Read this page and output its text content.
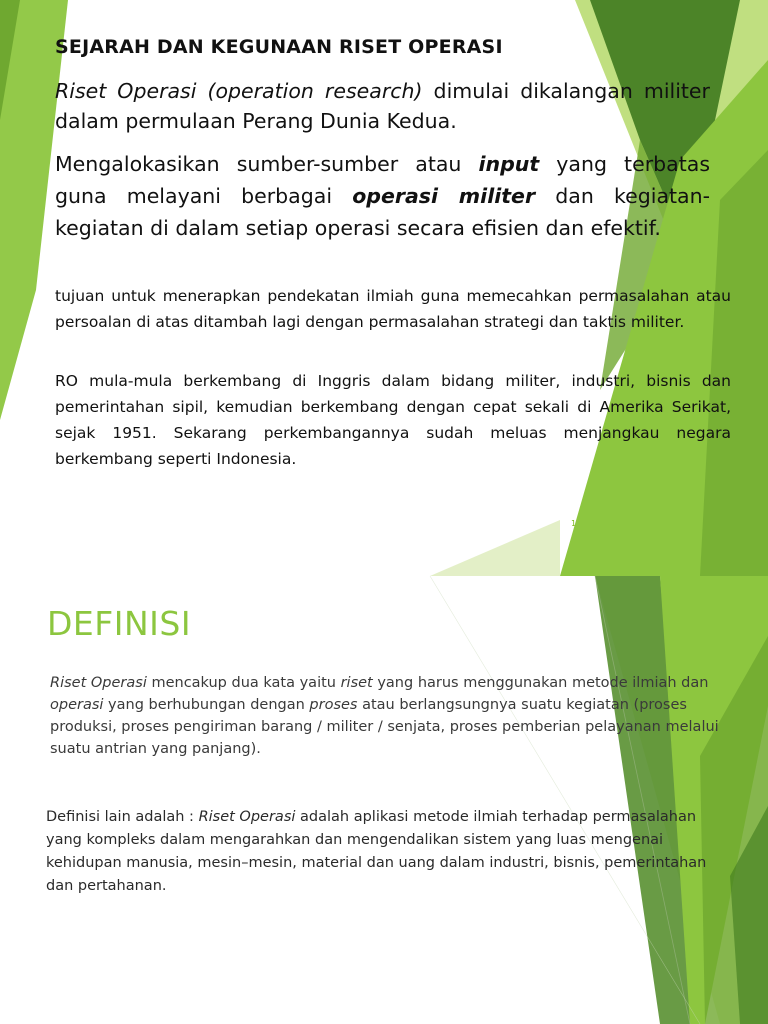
SEJARAH DAN KEGUNAAN RISET OPERASI
Riset Operasi (operation research) dimulai dikalangan militer dalam permulaan Perang Dunia Kedua.
Mengalokasikan sumber-sumber atau input yang terbatas guna melayani berbagai operasi militer dan kegiatan-kegiatan di dalam setiap operasi secara efisien dan efektif.
tujuan untuk menerapkan pendekatan ilmiah guna memecahkan permasalahan atau persoalan di atas ditambah lagi dengan permasalahan strategi dan taktis militer.
RO mula-mula berkembang di Inggris dalam bidang militer, industri, bisnis dan pemerintahan sipil, kemudian berkembang dengan cepat sekali di Amerika Serikat, sejak 1951. Sekarang perkembangannya sudah meluas menjangkau negara berkembang seperti Indonesia.
1
DEFINISI
Riset Operasi mencakup dua kata yaitu riset yang harus menggunakan metode ilmiah dan operasi yang berhubungan dengan proses atau berlangsungnya suatu kegiatan (proses produksi, proses pengiriman barang / militer / senjata, proses pemberian pelayanan melalui suatu antrian yang panjang).
Definisi lain adalah : Riset Operasi adalah aplikasi metode ilmiah terhadap permasalahan yang kompleks dalam mengarahkan dan mengendalikan sistem yang luas mengenai kehidupan manusia, mesin–mesin, material dan uang dalam industri, bisnis, pemerintahan dan pertahanan.
